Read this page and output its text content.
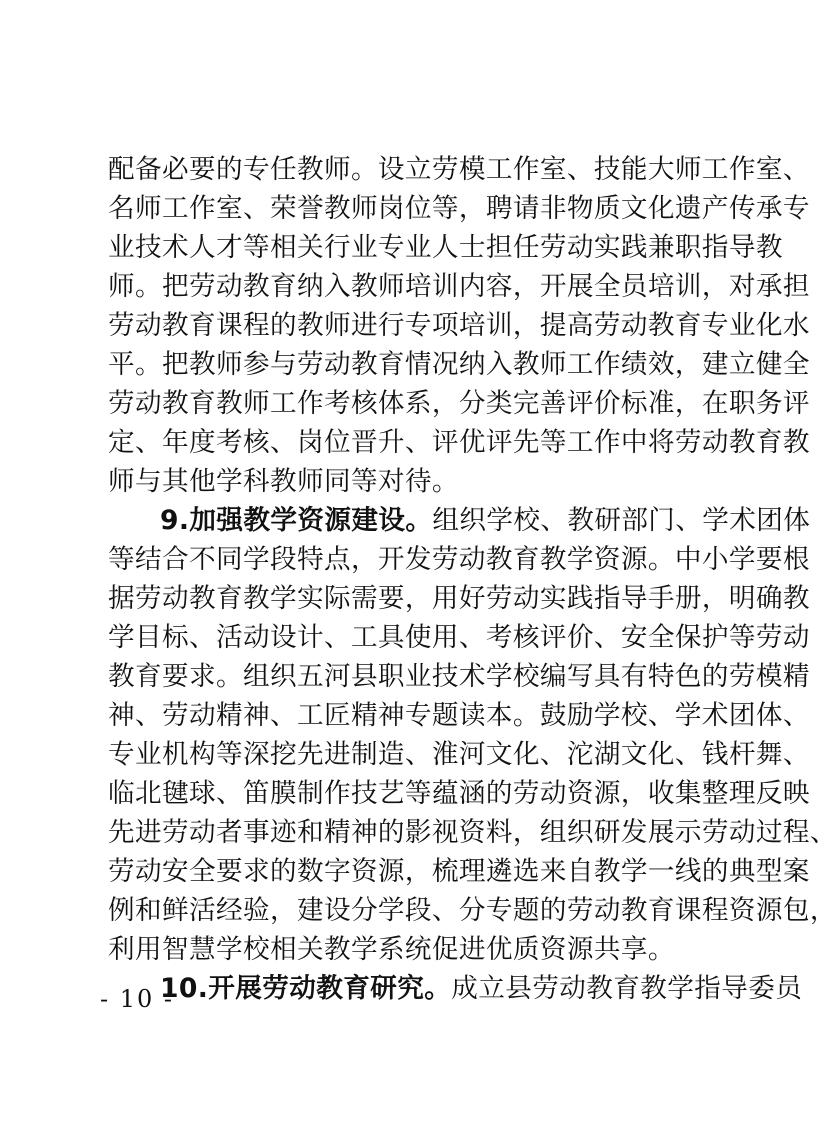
配备必要的专任教师。设立劳模工作室、技能大师工作室、
名师工作室、荣誉教师岗位等，聘请非物质文化遗产传承专
业技术人才等相关行业专业人士担任劳动实践兼职指导教
师。把劳动教育纳入教师培训内容，开展全员培训，对承担
劳动教育课程的教师进行专项培训，提高劳动教育专业化水
平。把教师参与劳动教育情况纳入教师工作绩效，建立健全
劳动教育教师工作考核体系，分类完善评价标准，在职务评
定、年度考核、岗位晋升、评优评先等工作中将劳动教育教
师与其他学科教师同等对待。
9.加强教学资源建设。组织学校、教研部门、学术团体
等结合不同学段特点，开发劳动教育教学资源。中小学要根
据劳动教育教学实际需要，用好劳动实践指导手册，明确教
学目标、活动设计、工具使用、考核评价、安全保护等劳动
教育要求。组织五河县职业技术学校编写具有特色的劳模精
神、劳动精神、工匠精神专题读本。鼓励学校、学术团体、
专业机构等深挖先进制造、淮河文化、沱湖文化、钱杆舞、
临北毽球、笛膜制作技艺等蕴涵的劳动资源，收集整理反映
先进劳动者事迹和精神的影视资料，组织研发展示劳动过程、
劳动安全要求的数字资源，梳理遴选来自教学一线的典型案
例和鲜活经验，建设分学段、分专题的劳动教育课程资源包，
利用智慧学校相关教学系统促进优质资源共享。
10.开展劳动教育研究。成立县劳动教育教学指导委员
- 10 -
